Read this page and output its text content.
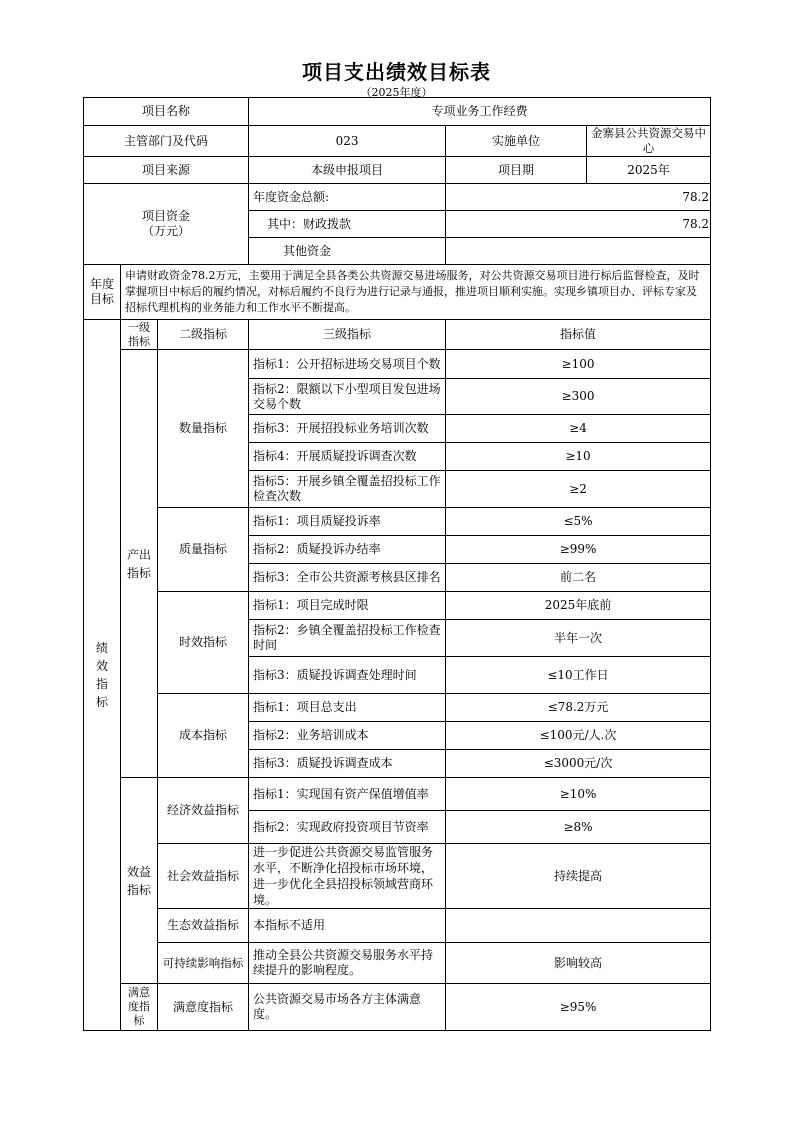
项目支出绩效目标表
（2025年度）
项目名称			专项业务工作经费		
主管部门及代码			023	实施单位	金寨县公共资源交易中心
项目来源			本级申报项目	项目期	2025年

项目资金
（万元）			年度资金总额:	78.2	
			其中：财政拨款	78.2	
			其他资金		

年度
目标	申请财政资金78.2万元，主要用于满足全县各类公共资源交易进场服务，对公共资源交易项目进行标后监督检查，及时掌握项目中标后的履约情况，对标后履约不良行为进行记录与通报，推进项目顺利实施。实现乡镇项目办、评标专家及招标代理机构的业务能力和工作水平不断提高。				
绩效指标	一级指标	二级指标	三级指标	指标值	
	产出指标	数量指标	指标1：公开招标进场交易项目个数	≥100	
			指标2：限额以下小型项目发包进场交易个数	≥300	
			指标3：开展招投标业务培训次数	≥4	
			指标4：开展质疑投诉调查次数	≥10	
			指标5：开展乡镇全覆盖招投标工作检查次数	≥2	
		质量指标	指标1：项目质疑投诉率	≤5%	
			指标2：质疑投诉办结率	≥99%	
			指标3：全市公共资源考核县区排名	前二名	
		时效指标	指标1：项目完成时限	2025年底前	
			指标2：乡镇全覆盖招投标工作检查时间	半年一次	
			指标3：质疑投诉调查处理时间	≤10工作日	
		成本指标	指标1：项目总支出	≤78.2万元	
			指标2：业务培训成本	≤100元/人.次	
			指标3：质疑投诉调查成本	≤3000元/次	
	效益指标	经济效益指标	指标1：实现国有资产保值增值率	≥10%	
			指标2：实现政府投资项目节资率	≥8%	
		社会效益指标	进一步促进公共资源交易监管服务水平，不断净化招投标市场环境，进一步优化全县招投标领域营商环境。	持续提高	
		生态效益指标	本指标不适用		
		可持续影响指标	推动全县公共资源交易服务水平持续提升的影响程度。	影响较高	
	满意度指标	满意度指标	公共资源交易市场各方主体满意度。	≥95%	
